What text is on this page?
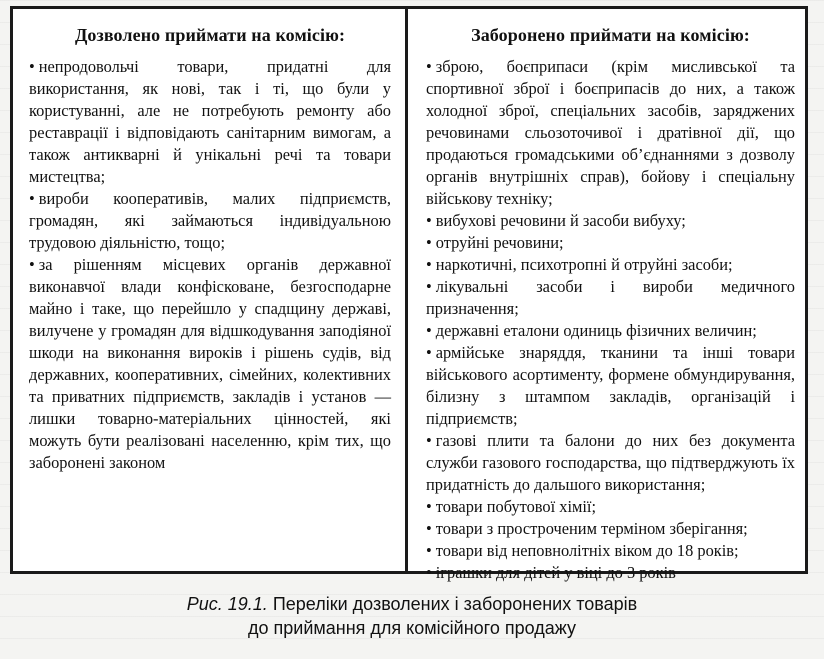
Дозволено приймати на комісію:
• непродовольчі товари, придатні для використання, як нові, так і ті, що були у користуванні, але не потребують ремонту або реставрації і відповідають санітарним вимогам, а також антикварні й унікальні речі та товари мистецтва;
• вироби кооперативів, малих підприємств, громадян, які займаються індивідуальною трудовою діяльністю, тощо;
• за рішенням місцевих органів державної виконавчої влади конфісковане, безгосподарне майно і таке, що перейшло у спадщину державі, вилучене у громадян для відшкодування заподіяної шкоди на виконання вироків і рішень судів, від державних, кооперативних, сімейних, колективних та приватних підприємств, закладів і установ — лишки товарно-матеріальних цінностей, які можуть бути реалізовані населенню, крім тих, що заборонені законом
Заборонено приймати на комісію:
• зброю, боєприпаси (крім мисливської та спортивної зброї і боєприпасів до них, а також холодної зброї, спеціальних засобів, заряджених речовинами сльозоточивої і дратівної дії, що продаються громадськими об’єднаннями з дозволу органів внутрішніх справ), бойову і спеціальну військову техніку;
• вибухові речовини й засоби вибуху;
• отруйні речовини;
• наркотичні, психотропні й отруйні засоби;
• лікувальні засоби і вироби медичного призначення;
• державні еталони одиниць фізичних величин;
• армійське знаряддя, тканини та інші товари військового асортименту, формене обмундирування, білизну з штампом закладів, організацій і підприємств;
• газові плити та балони до них без документа служби газового господарства, що підтверджують їх придатність до дальшого використання;
• товари побутової хімії;
• товари з простроченим терміном зберігання;
• товари від неповнолітніх віком до 18 років;
• іграшки для дітей у віці до 3 років
Рис. 19.1. Переліки дозволених і заборонених товарів
до приймання для комісійного продажу
